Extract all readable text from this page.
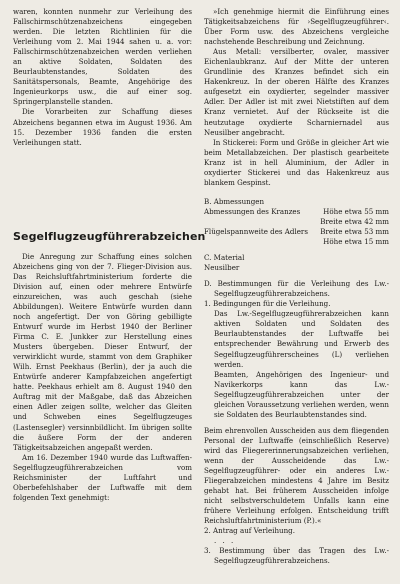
waren, konnten nunmehr zur Verleihung des Fallschirmschützenabzeichens eingegeben werden. Die letzten Richtlinien für die Verleihung vom 2. Mai 1944 sahen u. a. vor: Fallschirmschützenabzeichen werden verliehen an aktive Soldaten, Soldaten des Beurlaubtenstandes, Soldaten des Sanitätspersonals, Beamte, Angehörige des Ingenieurkorps usw., die auf einer sog. Springerplanstelle standen.

Die Vorarbeiten zur Schaffung dieses Abzeichens begannen etwa im August 1936. Am 15. Dezember 1936 fanden die ersten Verleihungen statt.

Segelflugzeugführerabzeichen

Die Anregung zur Schaffung eines solchen Abzeichens ging von der 7. Flieger-Division aus. Das Reichsluftfahrtministerium forderte die Division auf, einen oder mehrere Entwürfe einzureichen, was auch geschah (siehe Abbildungen). Weitere Entwürfe wurden dann noch angefertigt. Der von Göring gebilligte Entwurf wurde im Herbst 1940 der Berliner Firma C. E. Junkker zur Herstellung eines Musters übergeben. Dieser Entwurf, der verwirklicht wurde, stammt von dem Graphiker Wilh. Ernst Peekhaus (Berlin), der ja auch die Entwürfe anderer Kampfabzeichen angefertigt hatte. Peekhaus erhielt am 8. August 1940 den Auftrag mit der Maßgabe, daß das Abzeichen einen Adler zeigen sollte, welcher das Gleiten und Schweben eines Segelflugzeuges (Lastensegler) versinnbildlicht. Im übrigen sollte die äußere Form der der anderen Tätigkeitsabzeichen angepaßt werden.

Am 16. Dezember 1940 wurde das Luftwaffen-Segelflugzeugführerabzeichen vom Reichsminister der Luftfahrt und Oberbefehlshaber der Luftwaffe mit dem folgenden Text genehmigt:

»Ich genehmige hiermit die Einführung eines Tätigkeitsabzeichens für ›Segelflugzeugführer‹. Über Form usw. des Abzeichens vergleiche nachstehende Beschreibung und Zeichnung.

Aus Metall: versilberter, ovaler, massiver Eichenlaubkranz. Auf der Mitte der unteren Grundlinie des Kranzes befindet sich ein Hakenkreuz. In der oberen Hälfte des Kranzes aufgesetzt ein oxydierter, segelnder massiver Adler. Der Adler ist mit zwei Nietstiften auf dem Kranz vernietet. Auf der Rückseite ist die heutzutage oxydierte Scharniernadel aus Neusilber angebracht.

In Stickerei: Form und Größe in gleicher Art wie beim Metallabzeichen. Der plastisch gearbeitete Kranz ist in hell Aluminium, der Adler in oxydierter Stickerei und das Hakenkreuz aus blankem Gespinst.

B. Abmessungen

Abmessungen des Kranzes	Höhe etwa 55 mm
Breite etwa 42 mm
Flügelspannweite des Adlers Breite etwa 53 mm
Höhe etwa 15 mm

C. Material

Neusilber

D. Bestimmungen für die Verleihung des Lw.-Segelflugzeugführerabzeichens.

1. Bedingungen für die Verleihung.

Das Lw.-Segelflugzeugführerabzeichen kann aktiven Soldaten und Soldaten des Beurlaubtenstandes der Luftwaffe bei entsprechender Bewährung und Erwerb des Segelflugzeugführerscheines (L) verliehen werden.

Beamten, Angehörigen des Ingenieur- und Navikerkorps kann das Lw.-Segelflugzeugführerabzeichen unter der gleichen Voraussetzung verliehen werden, wenn sie Soldaten des Beurlaubtenstandes sind.

Beim ehrenvollen Ausscheiden aus dem fliegenden Personal der Luftwaffe (einschließlich Reserve) wird das Fliegererinnerungsabzeichen verliehen, wenn der Ausscheidende das Lw.-Segelflugzeugführer- oder ein anderes Lw.-Fliegerabzeichen mindestens 4 Jahre im Besitz gehabt hat. Bei früherem Ausscheiden infolge nicht selbstverschuldetem Unfalls kann eine frühere Verleihung erfolgen. Entscheidung trifft Reichsluftfahrtministerium (P.).«

2. Antrag auf Verleihung.

. . .

3. Bestimmung über das Tragen des Lw.-Segelflugzeugführerabzeichens.
